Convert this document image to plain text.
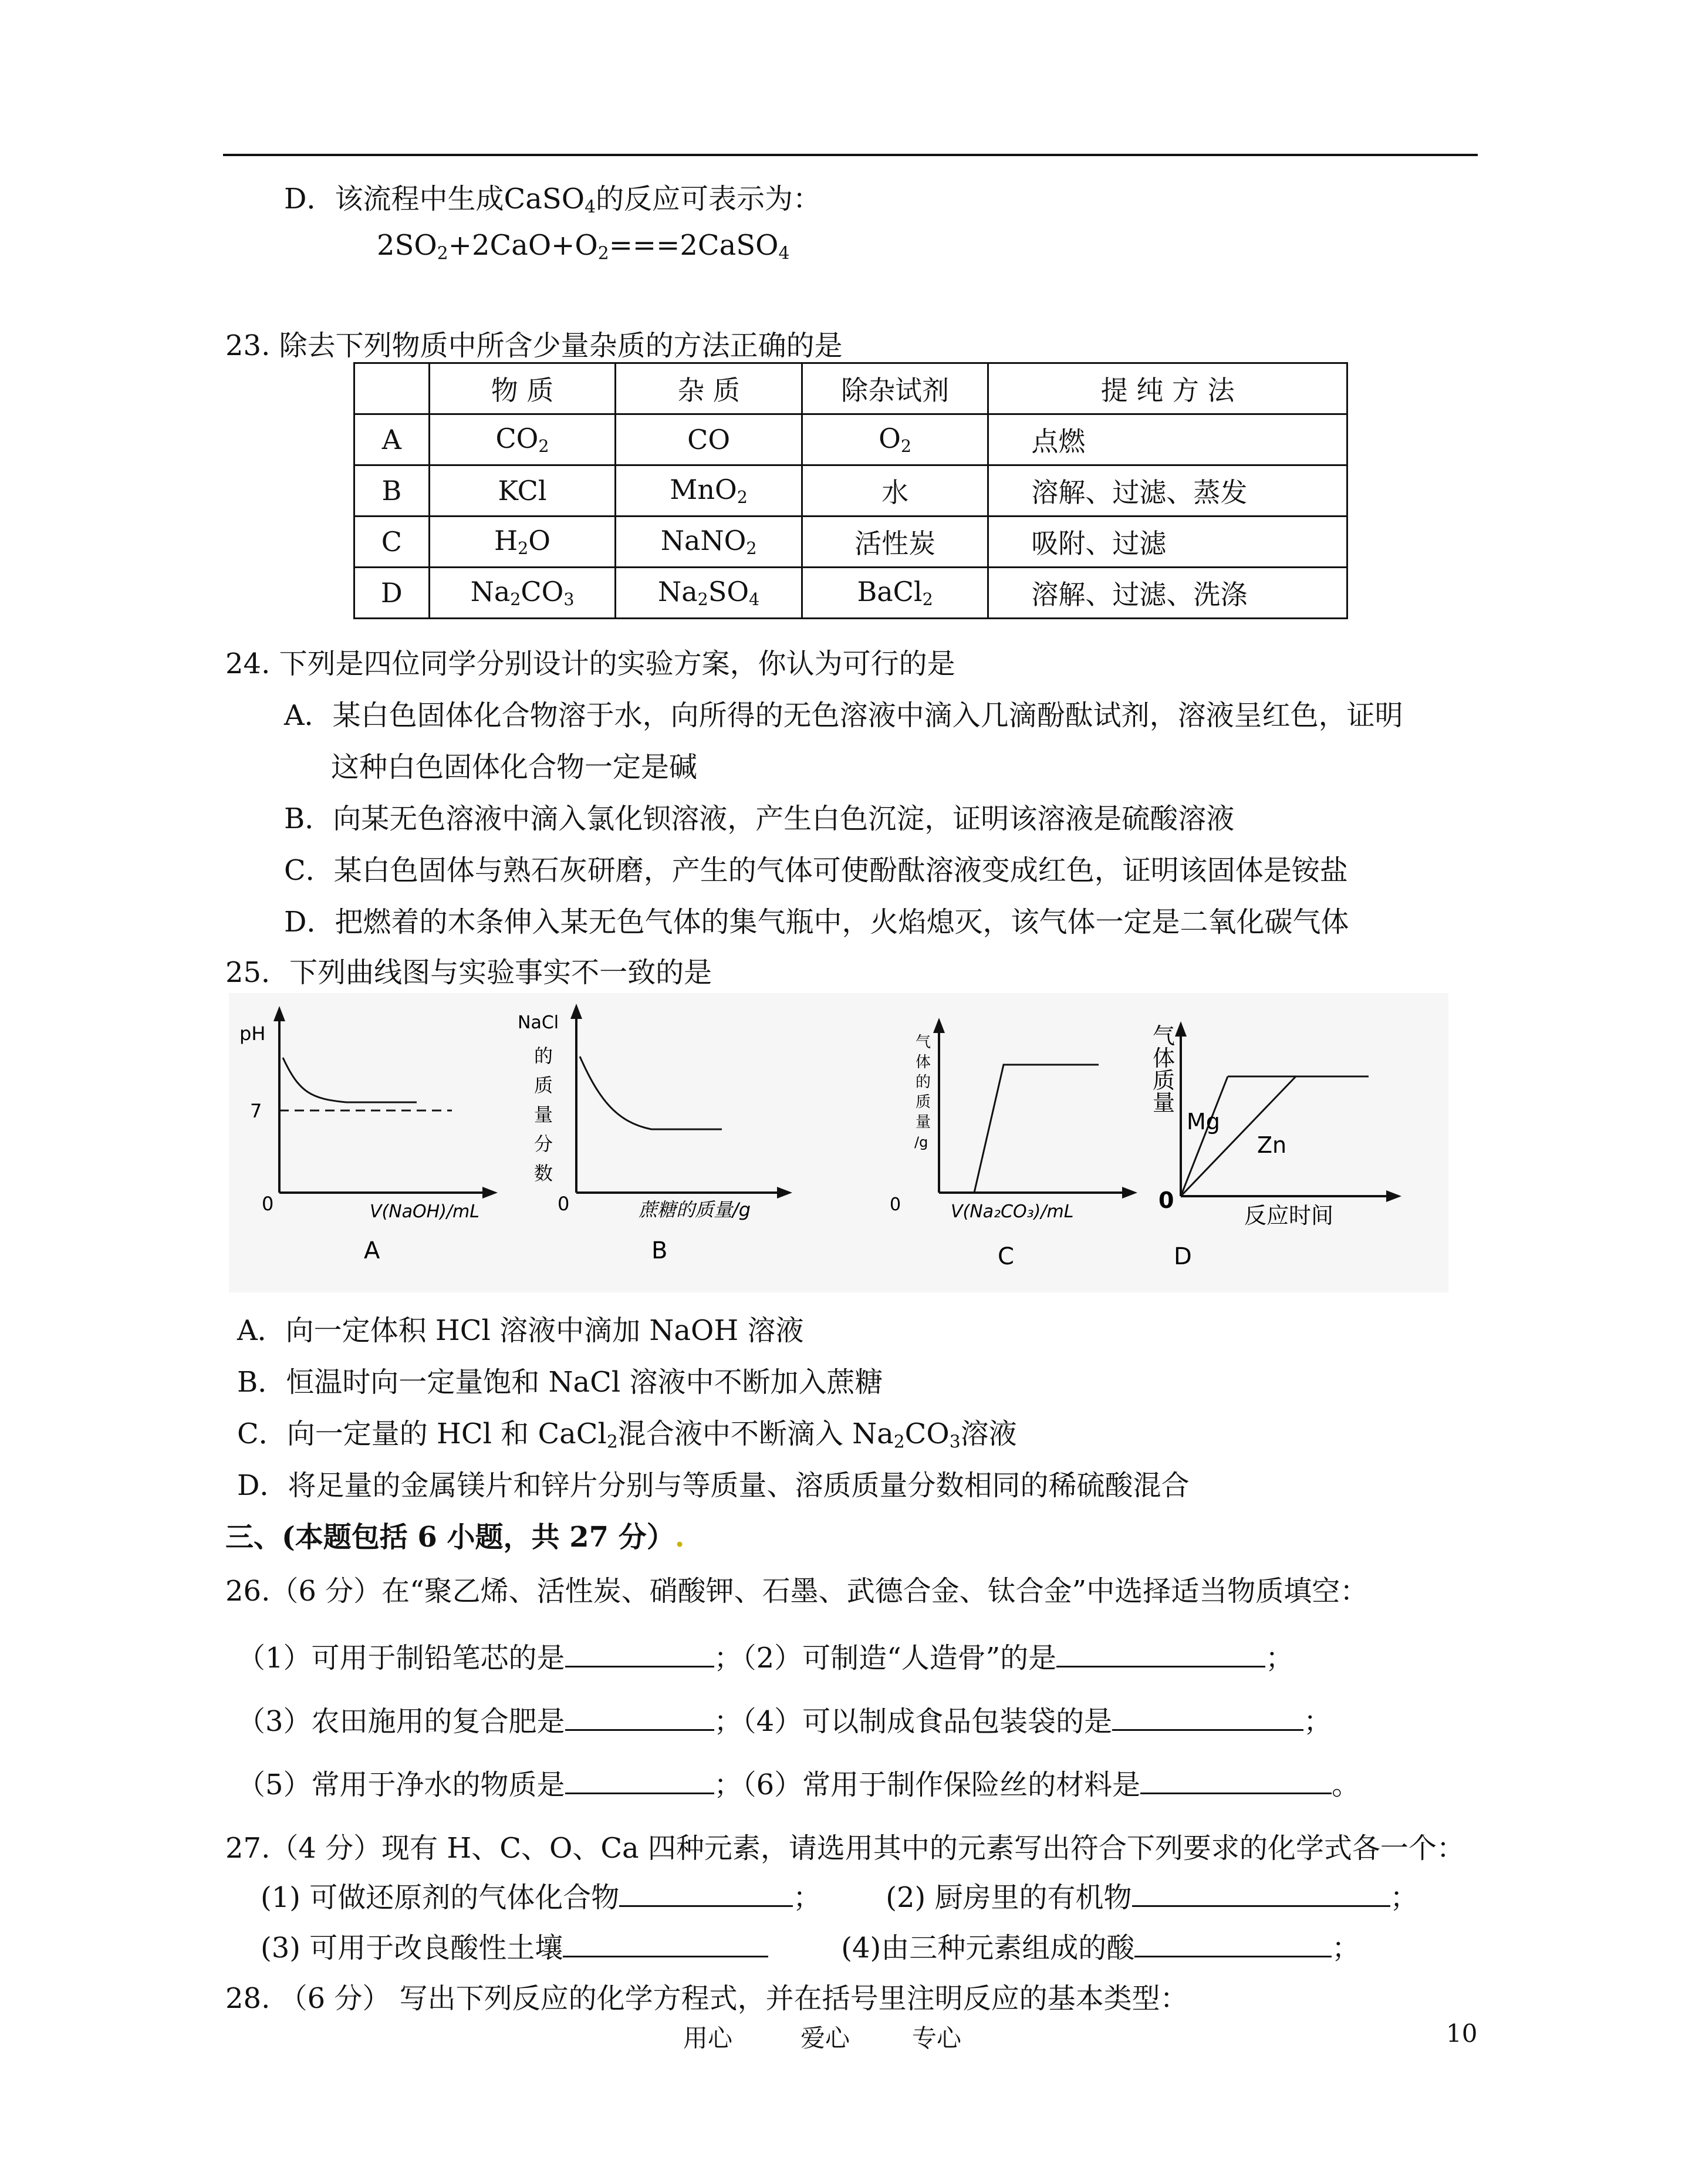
D．该流程中生成CaSO$_4$的反应可表示为：
$2SO_2+2CaO+O_2===2CaSO_4$
23. 除去下列物质中所含少量杂质的方法正确的是
	物 质	杂 质	除杂试剂	提 纯 方 法
A	$CO_2$	CO	$O_2$	点燃
B	KCl	MnO$_2$	水	溶解、过滤、蒸发
C	$H_2O$	NaNO$_2$	活性炭	吸附、过滤
D	$Na_2CO_3$	$Na_2SO_4$	BaCl$_2$	溶解、过滤、洗涤
24. 下列是四位同学分别设计的实验方案，你认为可行的是
A．某白色固体化合物溶于水，向所得的无色溶液中滴入几滴酚酞试剂，溶液呈红色，证明
这种白色固体化合物一定是碱
B．向某无色溶液中滴入氯化钡溶液，产生白色沉淀，证明该溶液是硫酸溶液
C．某白色固体与熟石灰研磨，产生的气体可使酚酞溶液变成红色，证明该固体是铵盐
D．把燃着的木条伸入某无色气体的集气瓶中，火焰熄灭，该气体一定是二氧化碳气体
25．下列曲线图与实验事实不一致的是
pH
7
0	V(NaOH)/mL
A
NaCl
的
质
量
分
数
0	蔗糖的质量/g
B
气
体
的
质
量
/g
0	V(Na₂CO₃)/mL
C
气
体
质
量
0
反应时间
Mg
Zn
D
A．向一定体积 HCl 溶液中滴加 NaOH 溶液
B．恒温时向一定量饱和 NaCl 溶液中不断加入蔗糖
C．向一定量的 HCl 和 CaCl$_2$混合液中不断滴入 $Na_2CO_3$溶液
D．将足量的金属镁片和锌片分别与等质量、溶质质量分数相同的稀硫酸混合
三、(本题包括 6 小题，共 27 分）.
26.（6 分）在“聚乙烯、活性炭、硝酸钾、石墨、武德合金、钛合金”中选择适当物质填空：
（1）可用于制铅笔芯的是	；（2）可制造“人造骨”的是	；
（3）农田施用的复合肥是	；（4）可以制成食品包装袋的是	；
（5）常用于净水的物质是	；（6）常用于制作保险丝的材料是	。
27.（4 分）现有 H、C、O、Ca 四种元素，请选用其中的元素写出符合下列要求的化学式各一个：
(1) 可做还原剂的气体化合物	； (2) 厨房里的有机物	；
(3) 可用于改良酸性土壤	(4)由三种元素组成的酸	；
28. （6 分） 写出下列反应的化学方程式，并在括号里注明反应的基本类型：
用心	爱心	专心	10
